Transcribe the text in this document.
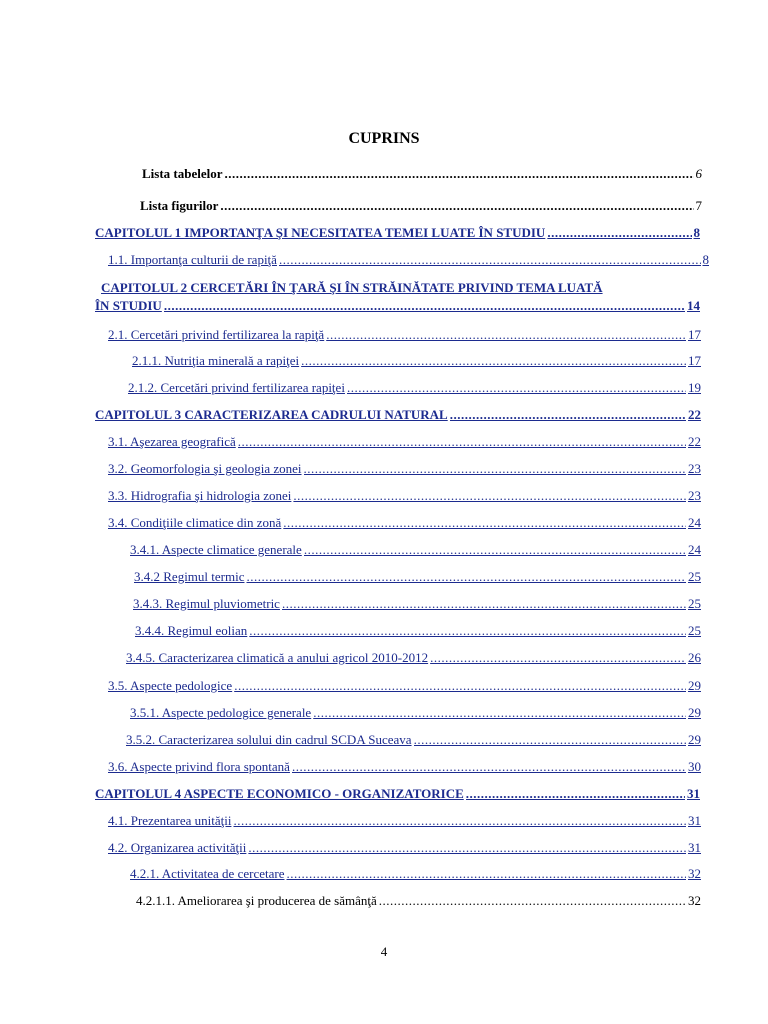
CUPRINS
Lista tabelelor .....	6
Lista figurilor .....	7
CAPITOLUL 1 IMPORTANŢA ŞI NECESITATEA TEMEI LUATE ÎN STUDIU .....	8
1.1. Importanţa culturii de rapiţă .....	8
CAPITOLUL 2 CERCETĂRI ÎN ŢARĂ ŞI ÎN STRĂINĂTATE PRIVIND TEMA LUATĂ
ÎN STUDIU .....	14
2.1. Cercetări privind fertilizarea la rapiţă .....	17
2.1.1. Nutriţia minerală a rapiţei .....	17
2.1.2. Cercetări privind fertilizarea rapiţei .....	19
CAPITOLUL 3 CARACTERIZAREA CADRULUI NATURAL .....	22
3.1. Aşezarea geografică .....	22
3.2. Geomorfologia şi geologia zonei .....	23
3.3. Hidrografia şi hidrologia zonei .....	23
3.4. Condiţiile climatice din zonă .....	24
3.4.1. Aspecte climatice generale .....	24
3.4.2 Regimul termic .....	25
3.4.3. Regimul pluviometric .....	25
3.4.4. Regimul eolian .....	25
3.4.5. Caracterizarea climatică a anului agricol 2010-2012 .....	26
3.5. Aspecte pedologice .....	29
3.5.1. Aspecte pedologice generale .....	29
3.5.2. Caracterizarea solului din cadrul SCDA Suceava .....	29
3.6. Aspecte privind flora spontană .....	30
CAPITOLUL 4 ASPECTE ECONOMICO - ORGANIZATORICE .....	31
4.1. Prezentarea unităţii .....	31
4.2. Organizarea activităţii .....	31
4.2.1. Activitatea de cercetare .....	32
4.2.1.1. Ameliorarea şi producerea de sămânţă .....	32
4
